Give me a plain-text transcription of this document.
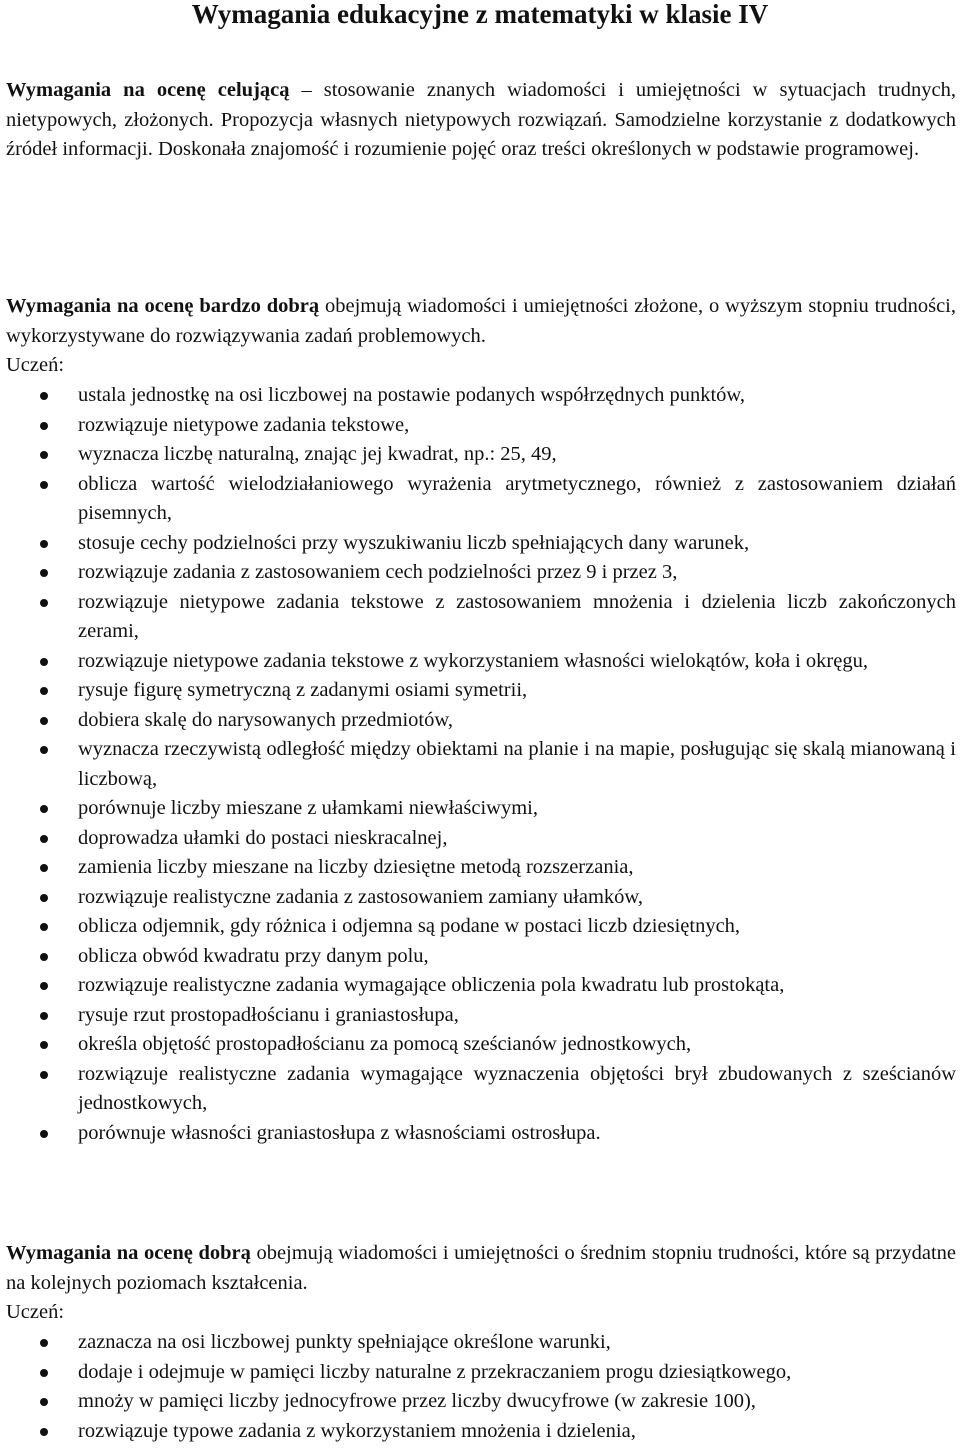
Wymagania edukacyjne z matematyki w klasie IV
Wymagania na ocenę celującą – stosowanie znanych wiadomości i umiejętności w sytuacjach trudnych, nietypowych, złożonych. Propozycja własnych nietypowych rozwiązań. Samodzielne korzystanie z dodatkowych źródeł informacji. Doskonała znajomość i rozumienie pojęć oraz treści określonych w podstawie programowej.
Wymagania na ocenę bardzo dobrą obejmują wiadomości i umiejętności złożone, o wyższym stopniu trudności, wykorzystywane do rozwiązywania zadań problemowych.
Uczeń:
ustala jednostkę na osi liczbowej na postawie podanych współrzędnych punktów,
rozwiązuje nietypowe zadania tekstowe,
wyznacza liczbę naturalną, znając jej kwadrat, np.: 25, 49,
oblicza wartość wielodziałaniowego wyrażenia arytmetycznego, również z zastosowaniem działań pisemnych,
stosuje cechy podzielności przy wyszukiwaniu liczb spełniających dany warunek,
rozwiązuje zadania z zastosowaniem cech podzielności przez 9 i przez 3,
rozwiązuje nietypowe zadania tekstowe z zastosowaniem mnożenia i dzielenia liczb zakończonych zerami,
rozwiązuje nietypowe zadania tekstowe z wykorzystaniem własności wielokątów, koła i okręgu,
rysuje figurę symetryczną z zadanymi osiami symetrii,
dobiera skalę do narysowanych przedmiotów,
wyznacza rzeczywistą odległość między obiektami na planie i na mapie, posługując się skalą mianowaną i liczbową,
porównuje liczby mieszane z ułamkami niewłaściwymi,
doprowadza ułamki do postaci nieskracalnej,
zamienia liczby mieszane na liczby dziesiętne metodą rozszerzania,
rozwiązuje realistyczne zadania z zastosowaniem zamiany ułamków,
oblicza odjemnik, gdy różnica i odjemna są podane w postaci liczb dziesiętnych,
oblicza obwód kwadratu przy danym polu,
rozwiązuje realistyczne zadania wymagające obliczenia pola kwadratu lub prostokąta,
rysuje rzut prostopadłościanu i graniastosłupa,
określa objętość prostopadłościanu za pomocą sześcianów jednostkowych,
rozwiązuje realistyczne zadania wymagające wyznaczenia objętości brył zbudowanych z sześcianów jednostkowych,
porównuje własności graniastosłupa z własnościami ostrosłupa.
Wymagania na ocenę dobrą obejmują wiadomości i umiejętności o średnim stopniu trudności, które są przydatne na kolejnych poziomach kształcenia.
Uczeń:
zaznacza na osi liczbowej punkty spełniające określone warunki,
dodaje i odejmuje w pamięci liczby naturalne z przekraczaniem progu dziesiątkowego,
mnoży w pamięci liczby jednocyfrowe przez liczby dwucyfrowe (w zakresie 100),
rozwiązuje typowe zadania z wykorzystaniem mnożenia i dzielenia,
